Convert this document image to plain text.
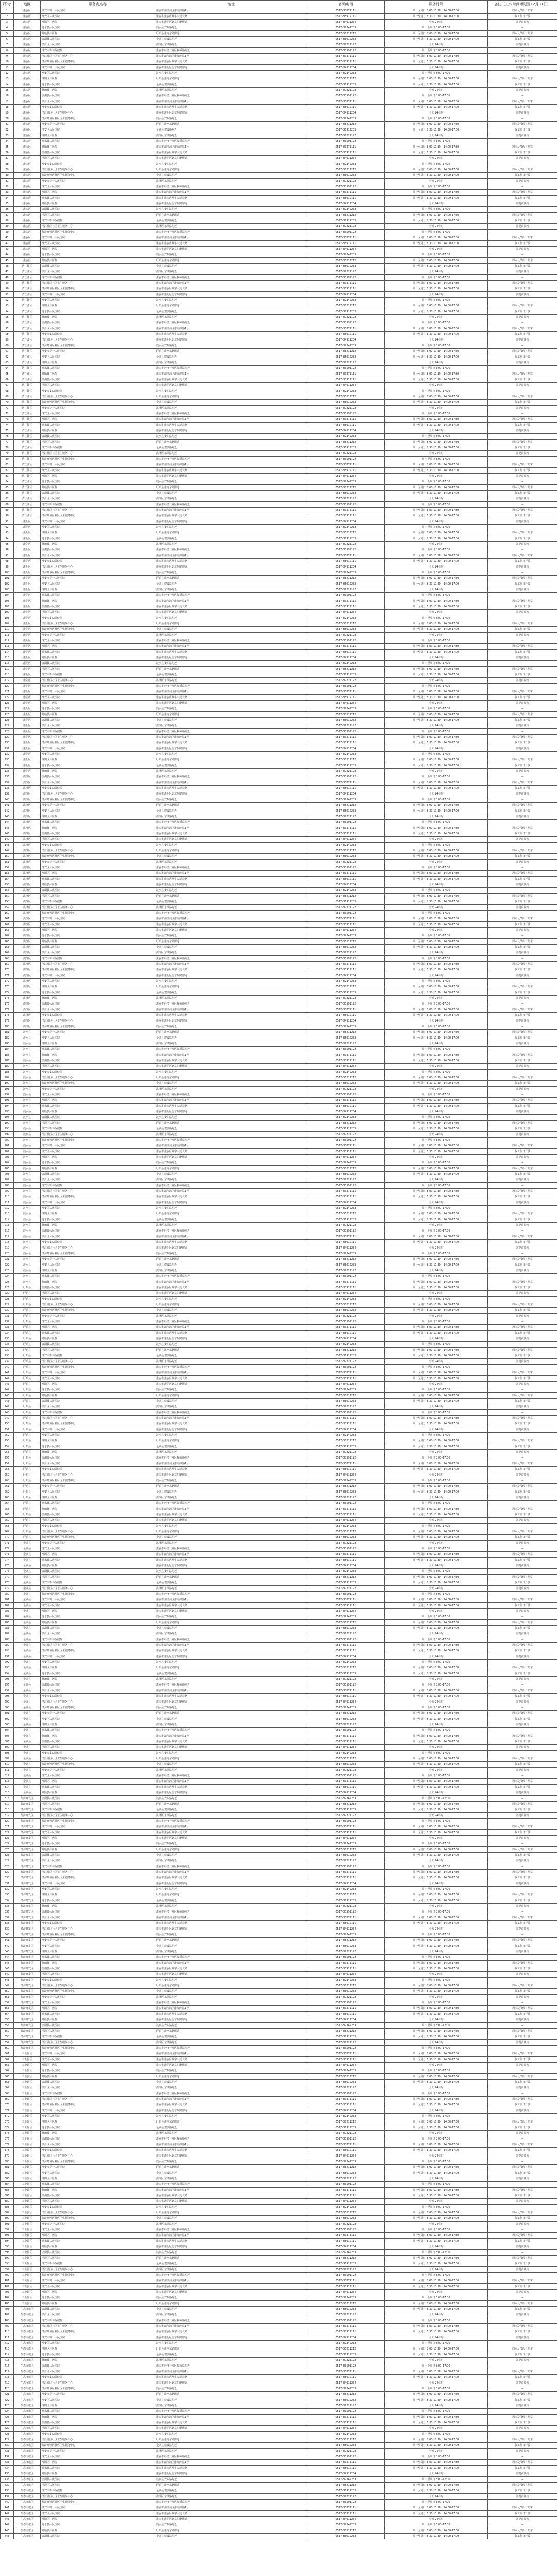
序号	地区	服务点名称	地址	咨询电话	服务时间	备注（工作时间顺延至12月31日）
1	淮安区	淮安市第一人民医院	淮安市清江浦区淮海西路1号	0517-83871111	周一至周日 8:00-11:30，14:00-17:30	周末及节假日照常
2	淮安区	淮安区人民医院	淮安市淮安区翔宇大道北路	0517-85912111	周一至周五 8:30-11:30，14:00-17:00	仅工作日开放
3	淮安区	淮阴区中医院	淮安市淮阴区北京东路附近	0517-84911234	全天 24小时	需提前预约
4	淮安区	涟水县人民医院	涟水县安东路附近	0517-82342233	周一至周日 8:00-17:00	—
5	淮安区	盱眙县中医院	盱眙县淮河东路附近	0517-88211212	周一至周日 8:00-11:30，14:00-17:30	周末及节假日照常
6	淮安区	金湖县人民医院	金湖县建设路附近	0517-86912233	周一至周五 8:30-11:30，14:00-17:00	仅工作日开放
7	淮安区	洪泽区人民医院	洪泽区东风路附近	0517-87221122	全天 24小时	需提前预约
8	淮安区	淮安市妇幼保健院	淮安市经济开发区枚乘路附近	0517-83591122	周一至周日 8:00-17:00	—
9	淮安区	清江浦区社区卫生服务中心	淮安市清江浦区淮海西路1号	0517-83871111	周一至周日 8:00-11:30，14:00-17:30	周末及节假日照常
10	淮安区	经济开发区社区卫生服务中心	淮安市淮安区翔宇大道北路	0517-85912111	周一至周五 8:30-11:30，14:00-17:00	仅工作日开放
11	淮安区	淮安市第一人民医院	淮安市淮阴区北京东路附近	0517-84911234	全天 24小时	需提前预约
12	淮安区	淮安区人民医院	涟水县安东路附近	0517-82342233	周一至周日 8:00-17:00	—
13	淮安区	淮阴区中医院	盱眙县淮河东路附近	0517-88211212	周一至周日 8:00-11:30，14:00-17:30	周末及节假日照常
14	淮安区	涟水县人民医院	金湖县建设路附近	0517-86912233	周一至周五 8:30-11:30，14:00-17:00	仅工作日开放
15	淮安区	盱眙县中医院	洪泽区东风路附近	0517-87221122	全天 24小时	需提前预约
16	淮安区	金湖县人民医院	淮安市经济开发区枚乘路附近	0517-83591122	周一至周日 8:00-17:00	—
17	淮安区	洪泽区人民医院	淮安市清江浦区淮海西路1号	0517-83871111	周一至周日 8:00-11:30，14:00-17:30	周末及节假日照常
18	淮安区	淮安市妇幼保健院	淮安市淮安区翔宇大道北路	0517-85912111	周一至周五 8:30-11:30，14:00-17:00	仅工作日开放
19	淮安区	清江浦区社区卫生服务中心	淮安市淮阴区北京东路附近	0517-84911234	全天 24小时	需提前预约
20	淮安区	经济开发区社区卫生服务中心	涟水县安东路附近	0517-82342233	周一至周日 8:00-17:00	—
21	淮安区	淮安市第一人民医院	盱眙县淮河东路附近	0517-88211212	周一至周日 8:00-11:30，14:00-17:30	周末及节假日照常
22	淮安区	淮安区人民医院	金湖县建设路附近	0517-86912233	周一至周五 8:30-11:30，14:00-17:00	仅工作日开放
23	淮安区	淮阴区中医院	洪泽区东风路附近	0517-87221122	全天 24小时	需提前预约
24	淮安区	涟水县人民医院	淮安市经济开发区枚乘路附近	0517-83591122	周一至周日 8:00-17:00	—
25	淮安区	盱眙县中医院	淮安市清江浦区淮海西路1号	0517-83871111	周一至周日 8:00-11:30，14:00-17:30	周末及节假日照常
26	淮安区	金湖县人民医院	淮安市淮安区翔宇大道北路	0517-85912111	周一至周五 8:30-11:30，14:00-17:00	仅工作日开放
27	淮安区	洪泽区人民医院	淮安市淮阴区北京东路附近	0517-84911234	全天 24小时	需提前预约
28	淮安区	淮安市妇幼保健院	涟水县安东路附近	0517-82342233	周一至周日 8:00-17:00	—
29	淮安区	清江浦区社区卫生服务中心	盱眙县淮河东路附近	0517-88211212	周一至周日 8:00-11:30，14:00-17:30	周末及节假日照常
30	淮安区	经济开发区社区卫生服务中心	金湖县建设路附近	0517-86912233	周一至周五 8:30-11:30，14:00-17:00	仅工作日开放
31	淮安区	淮安市第一人民医院	洪泽区东风路附近	0517-87221122	全天 24小时	需提前预约
32	淮安区	淮安区人民医院	淮安市经济开发区枚乘路附近	0517-83591122	周一至周日 8:00-17:00	—
33	淮安区	淮阴区中医院	淮安市清江浦区淮海西路1号	0517-83871111	周一至周日 8:00-11:30，14:00-17:30	周末及节假日照常
34	淮安区	涟水县人民医院	淮安市淮安区翔宇大道北路	0517-85912111	周一至周五 8:30-11:30，14:00-17:00	仅工作日开放
35	淮安区	盱眙县中医院	淮安市淮阴区北京东路附近	0517-84911234	全天 24小时	需提前预约
36	淮安区	金湖县人民医院	涟水县安东路附近	0517-82342233	周一至周日 8:00-17:00	—
37	淮安区	洪泽区人民医院	盱眙县淮河东路附近	0517-88211212	周一至周日 8:00-11:30，14:00-17:30	周末及节假日照常
38	淮安区	淮安市妇幼保健院	金湖县建设路附近	0517-86912233	周一至周五 8:30-11:30，14:00-17:00	仅工作日开放
39	淮安区	清江浦区社区卫生服务中心	洪泽区东风路附近	0517-87221122	全天 24小时	需提前预约
40	淮安区	经济开发区社区卫生服务中心	淮安市经济开发区枚乘路附近	0517-83591122	周一至周日 8:00-17:00	—
41	淮安区	淮安市第一人民医院	淮安市清江浦区淮海西路1号	0517-83871111	周一至周日 8:00-11:30，14:00-17:30	周末及节假日照常
42	淮安区	淮安区人民医院	淮安市淮安区翔宇大道北路	0517-85912111	周一至周五 8:30-11:30，14:00-17:00	仅工作日开放
43	淮安区	淮阴区中医院	淮安市淮阴区北京东路附近	0517-84911234	全天 24小时	需提前预约
44	淮安区	涟水县人民医院	涟水县安东路附近	0517-82342233	周一至周日 8:00-17:00	—
45	淮安区	盱眙县中医院	盱眙县淮河东路附近	0517-88211212	周一至周日 8:00-11:30，14:00-17:30	周末及节假日照常
46	清江浦区	金湖县人民医院	金湖县建设路附近	0517-86912233	周一至周五 8:30-11:30，14:00-17:00	仅工作日开放
47	清江浦区	洪泽区人民医院	洪泽区东风路附近	0517-87221122	全天 24小时	需提前预约
48	清江浦区	淮安市妇幼保健院	淮安市经济开发区枚乘路附近	0517-83591122	周一至周日 8:00-17:00	—
49	清江浦区	清江浦区社区卫生服务中心	淮安市清江浦区淮海西路1号	0517-83871111	周一至周日 8:00-11:30，14:00-17:30	周末及节假日照常
50	清江浦区	经济开发区社区卫生服务中心	淮安市淮安区翔宇大道北路	0517-85912111	周一至周五 8:30-11:30，14:00-17:00	仅工作日开放
51	清江浦区	淮安市第一人民医院	淮安市淮阴区北京东路附近	0517-84911234	全天 24小时	需提前预约
52	清江浦区	淮安区人民医院	涟水县安东路附近	0517-82342233	周一至周日 8:00-17:00	—
53	清江浦区	淮阴区中医院	盱眙县淮河东路附近	0517-88211212	周一至周日 8:00-11:30，14:00-17:30	周末及节假日照常
54	清江浦区	涟水县人民医院	金湖县建设路附近	0517-86912233	周一至周五 8:30-11:30，14:00-17:00	仅工作日开放
55	清江浦区	盱眙县中医院	洪泽区东风路附近	0517-87221122	全天 24小时	需提前预约
56	清江浦区	金湖县人民医院	淮安市经济开发区枚乘路附近	0517-83591122	周一至周日 8:00-17:00	—
57	清江浦区	洪泽区人民医院	淮安市清江浦区淮海西路1号	0517-83871111	周一至周日 8:00-11:30，14:00-17:30	周末及节假日照常
58	清江浦区	淮安市妇幼保健院	淮安市淮安区翔宇大道北路	0517-85912111	周一至周五 8:30-11:30，14:00-17:00	仅工作日开放
59	清江浦区	清江浦区社区卫生服务中心	淮安市淮阴区北京东路附近	0517-84911234	全天 24小时	需提前预约
60	清江浦区	经济开发区社区卫生服务中心	涟水县安东路附近	0517-82342233	周一至周日 8:00-17:00	—
61	清江浦区	淮安市第一人民医院	盱眙县淮河东路附近	0517-88211212	周一至周日 8:00-11:30，14:00-17:30	周末及节假日照常
62	清江浦区	淮安区人民医院	金湖县建设路附近	0517-86912233	周一至周五 8:30-11:30，14:00-17:00	仅工作日开放
63	清江浦区	淮阴区中医院	洪泽区东风路附近	0517-87221122	全天 24小时	需提前预约
64	清江浦区	涟水县人民医院	淮安市经济开发区枚乘路附近	0517-83591122	周一至周日 8:00-17:00	—
65	清江浦区	盱眙县中医院	淮安市清江浦区淮海西路1号	0517-83871111	周一至周日 8:00-11:30，14:00-17:30	周末及节假日照常
66	清江浦区	金湖县人民医院	淮安市淮安区翔宇大道北路	0517-85912111	周一至周五 8:30-11:30，14:00-17:00	仅工作日开放
67	清江浦区	洪泽区人民医院	淮安市淮阴区北京东路附近	0517-84911234	全天 24小时	需提前预约
68	清江浦区	淮安市妇幼保健院	涟水县安东路附近	0517-82342233	周一至周日 8:00-17:00	—
69	清江浦区	清江浦区社区卫生服务中心	盱眙县淮河东路附近	0517-88211212	周一至周日 8:00-11:30，14:00-17:30	周末及节假日照常
70	清江浦区	经济开发区社区卫生服务中心	金湖县建设路附近	0517-86912233	周一至周五 8:30-11:30，14:00-17:00	仅工作日开放
71	清江浦区	淮安市第一人民医院	洪泽区东风路附近	0517-87221122	全天 24小时	需提前预约
72	清江浦区	淮安区人民医院	淮安市经济开发区枚乘路附近	0517-83591122	周一至周日 8:00-17:00	—
73	清江浦区	淮阴区中医院	淮安市清江浦区淮海西路1号	0517-83871111	周一至周日 8:00-11:30，14:00-17:30	周末及节假日照常
74	清江浦区	涟水县人民医院	淮安市淮安区翔宇大道北路	0517-85912111	周一至周五 8:30-11:30，14:00-17:00	仅工作日开放
75	清江浦区	盱眙县中医院	淮安市淮阴区北京东路附近	0517-84911234	全天 24小时	需提前预约
76	清江浦区	金湖县人民医院	涟水县安东路附近	0517-82342233	周一至周日 8:00-17:00	—
77	清江浦区	洪泽区人民医院	盱眙县淮河东路附近	0517-88211212	周一至周日 8:00-11:30，14:00-17:30	周末及节假日照常
78	清江浦区	淮安市妇幼保健院	金湖县建设路附近	0517-86912233	周一至周五 8:30-11:30，14:00-17:00	仅工作日开放
79	清江浦区	清江浦区社区卫生服务中心	洪泽区东风路附近	0517-87221122	全天 24小时	需提前预约
80	清江浦区	经济开发区社区卫生服务中心	淮安市经济开发区枚乘路附近	0517-83591122	周一至周日 8:00-17:00	—
81	清江浦区	淮安市第一人民医院	淮安市清江浦区淮海西路1号	0517-83871111	周一至周日 8:00-11:30，14:00-17:30	周末及节假日照常
82	清江浦区	淮安区人民医院	淮安市淮安区翔宇大道北路	0517-85912111	周一至周五 8:30-11:30，14:00-17:00	仅工作日开放
83	清江浦区	淮阴区中医院	淮安市淮阴区北京东路附近	0517-84911234	全天 24小时	需提前预约
84	清江浦区	涟水县人民医院	涟水县安东路附近	0517-82342233	周一至周日 8:00-17:00	—
85	清江浦区	盱眙县中医院	盱眙县淮河东路附近	0517-88211212	周一至周日 8:00-11:30，14:00-17:30	周末及节假日照常
86	清江浦区	金湖县人民医院	金湖县建设路附近	0517-86912233	周一至周五 8:30-11:30，14:00-17:00	仅工作日开放
87	清江浦区	洪泽区人民医院	洪泽区东风路附近	0517-87221122	全天 24小时	需提前预约
88	清江浦区	淮安市妇幼保健院	淮安市经济开发区枚乘路附近	0517-83591122	周一至周日 8:00-17:00	—
89	清江浦区	清江浦区社区卫生服务中心	淮安市清江浦区淮海西路1号	0517-83871111	周一至周日 8:00-11:30，14:00-17:30	周末及节假日照常
90	清江浦区	经济开发区社区卫生服务中心	淮安市淮安区翔宇大道北路	0517-85912111	周一至周五 8:30-11:30，14:00-17:00	仅工作日开放
91	淮阴区	淮安市第一人民医院	淮安市淮阴区北京东路附近	0517-84911234	全天 24小时	需提前预约
92	淮阴区	淮安区人民医院	涟水县安东路附近	0517-82342233	周一至周日 8:00-17:00	—
93	淮阴区	淮阴区中医院	盱眙县淮河东路附近	0517-88211212	周一至周日 8:00-11:30，14:00-17:30	周末及节假日照常
94	淮阴区	涟水县人民医院	金湖县建设路附近	0517-86912233	周一至周五 8:30-11:30，14:00-17:00	仅工作日开放
95	淮阴区	盱眙县中医院	洪泽区东风路附近	0517-87221122	全天 24小时	需提前预约
96	淮阴区	金湖县人民医院	淮安市经济开发区枚乘路附近	0517-83591122	周一至周日 8:00-17:00	—
97	淮阴区	洪泽区人民医院	淮安市清江浦区淮海西路1号	0517-83871111	周一至周日 8:00-11:30，14:00-17:30	周末及节假日照常
98	淮阴区	淮安市妇幼保健院	淮安市淮安区翔宇大道北路	0517-85912111	周一至周五 8:30-11:30，14:00-17:00	仅工作日开放
99	淮阴区	清江浦区社区卫生服务中心	淮安市淮阴区北京东路附近	0517-84911234	全天 24小时	需提前预约
100	淮阴区	经济开发区社区卫生服务中心	涟水县安东路附近	0517-82342233	周一至周日 8:00-17:00	—
101	淮阴区	淮安市第一人民医院	盱眙县淮河东路附近	0517-88211212	周一至周日 8:00-11:30，14:00-17:30	周末及节假日照常
102	淮阴区	淮安区人民医院	金湖县建设路附近	0517-86912233	周一至周五 8:30-11:30，14:00-17:00	仅工作日开放
103	淮阴区	淮阴区中医院	洪泽区东风路附近	0517-87221122	全天 24小时	需提前预约
104	淮阴区	涟水县人民医院	淮安市经济开发区枚乘路附近	0517-83591122	周一至周日 8:00-17:00	—
105	淮阴区	盱眙县中医院	淮安市清江浦区淮海西路1号	0517-83871111	周一至周日 8:00-11:30，14:00-17:30	周末及节假日照常
106	淮阴区	金湖县人民医院	淮安市淮安区翔宇大道北路	0517-85912111	周一至周五 8:30-11:30，14:00-17:00	仅工作日开放
107	淮阴区	洪泽区人民医院	淮安市淮阴区北京东路附近	0517-84911234	全天 24小时	需提前预约
108	淮阴区	淮安市妇幼保健院	涟水县安东路附近	0517-82342233	周一至周日 8:00-17:00	—
109	淮阴区	清江浦区社区卫生服务中心	盱眙县淮河东路附近	0517-88211212	周一至周日 8:00-11:30，14:00-17:30	周末及节假日照常
110	淮阴区	经济开发区社区卫生服务中心	金湖县建设路附近	0517-86912233	周一至周五 8:30-11:30，14:00-17:00	仅工作日开放
111	淮阴区	淮安市第一人民医院	洪泽区东风路附近	0517-87221122	全天 24小时	需提前预约
112	淮阴区	淮安区人民医院	淮安市经济开发区枚乘路附近	0517-83591122	周一至周日 8:00-17:00	—
113	淮阴区	淮阴区中医院	淮安市清江浦区淮海西路1号	0517-83871111	周一至周日 8:00-11:30，14:00-17:30	周末及节假日照常
114	淮阴区	涟水县人民医院	淮安市淮安区翔宇大道北路	0517-85912111	周一至周五 8:30-11:30，14:00-17:00	仅工作日开放
115	淮阴区	盱眙县中医院	淮安市淮阴区北京东路附近	0517-84911234	全天 24小时	需提前预约
116	淮阴区	金湖县人民医院	涟水县安东路附近	0517-82342233	周一至周日 8:00-17:00	—
117	淮阴区	洪泽区人民医院	盱眙县淮河东路附近	0517-88211212	周一至周日 8:00-11:30，14:00-17:30	周末及节假日照常
118	淮阴区	淮安市妇幼保健院	金湖县建设路附近	0517-86912233	周一至周五 8:30-11:30，14:00-17:00	仅工作日开放
119	淮阴区	清江浦区社区卫生服务中心	洪泽区东风路附近	0517-87221122	全天 24小时	需提前预约
120	淮阴区	经济开发区社区卫生服务中心	淮安市经济开发区枚乘路附近	0517-83591122	周一至周日 8:00-17:00	—
121	淮阴区	淮安市第一人民医院	淮安市清江浦区淮海西路1号	0517-83871111	周一至周日 8:00-11:30，14:00-17:30	周末及节假日照常
122	淮阴区	淮安区人民医院	淮安市淮安区翔宇大道北路	0517-85912111	周一至周五 8:30-11:30，14:00-17:00	仅工作日开放
123	淮阴区	淮阴区中医院	淮安市淮阴区北京东路附近	0517-84911234	全天 24小时	需提前预约
124	淮阴区	涟水县人民医院	涟水县安东路附近	0517-82342233	周一至周日 8:00-17:00	—
125	淮阴区	盱眙县中医院	盱眙县淮河东路附近	0517-88211212	周一至周日 8:00-11:30，14:00-17:30	周末及节假日照常
126	淮阴区	金湖县人民医院	金湖县建设路附近	0517-86912233	周一至周五 8:30-11:30，14:00-17:00	仅工作日开放
127	淮阴区	洪泽区人民医院	洪泽区东风路附近	0517-87221122	全天 24小时	需提前预约
128	淮阴区	淮安市妇幼保健院	淮安市经济开发区枚乘路附近	0517-83591122	周一至周日 8:00-17:00	—
129	淮阴区	清江浦区社区卫生服务中心	淮安市清江浦区淮海西路1号	0517-83871111	周一至周日 8:00-11:30，14:00-17:30	周末及节假日照常
130	淮阴区	经济开发区社区卫生服务中心	淮安市淮安区翔宇大道北路	0517-85912111	周一至周五 8:30-11:30，14:00-17:00	仅工作日开放
131	淮阴区	淮安市第一人民医院	淮安市淮阴区北京东路附近	0517-84911234	全天 24小时	需提前预约
132	淮阴区	淮安区人民医院	涟水县安东路附近	0517-82342233	周一至周日 8:00-17:00	—
133	淮阴区	淮阴区中医院	盱眙县淮河东路附近	0517-88211212	周一至周日 8:00-11:30，14:00-17:30	周末及节假日照常
134	淮阴区	涟水县人民医院	金湖县建设路附近	0517-86912233	周一至周五 8:30-11:30，14:00-17:00	仅工作日开放
135	淮阴区	盱眙县中医院	洪泽区东风路附近	0517-87221122	全天 24小时	需提前预约
136	洪泽区	金湖县人民医院	淮安市经济开发区枚乘路附近	0517-83591122	周一至周日 8:00-17:00	—
137	洪泽区	洪泽区人民医院	淮安市清江浦区淮海西路1号	0517-83871111	周一至周日 8:00-11:30，14:00-17:30	周末及节假日照常
138	洪泽区	淮安市妇幼保健院	淮安市淮安区翔宇大道北路	0517-85912111	周一至周五 8:30-11:30，14:00-17:00	仅工作日开放
139	洪泽区	清江浦区社区卫生服务中心	淮安市淮阴区北京东路附近	0517-84911234	全天 24小时	需提前预约
140	洪泽区	经济开发区社区卫生服务中心	涟水县安东路附近	0517-82342233	周一至周日 8:00-17:00	—
141	洪泽区	淮安市第一人民医院	盱眙县淮河东路附近	0517-88211212	周一至周日 8:00-11:30，14:00-17:30	周末及节假日照常
142	洪泽区	淮安区人民医院	金湖县建设路附近	0517-86912233	周一至周五 8:30-11:30，14:00-17:00	仅工作日开放
143	洪泽区	淮阴区中医院	洪泽区东风路附近	0517-87221122	全天 24小时	需提前预约
144	洪泽区	涟水县人民医院	淮安市经济开发区枚乘路附近	0517-83591122	周一至周日 8:00-17:00	—
145	洪泽区	盱眙县中医院	淮安市清江浦区淮海西路1号	0517-83871111	周一至周日 8:00-11:30，14:00-17:30	周末及节假日照常
146	洪泽区	金湖县人民医院	淮安市淮安区翔宇大道北路	0517-85912111	周一至周五 8:30-11:30，14:00-17:00	仅工作日开放
147	洪泽区	洪泽区人民医院	淮安市淮阴区北京东路附近	0517-84911234	全天 24小时	需提前预约
148	洪泽区	淮安市妇幼保健院	涟水县安东路附近	0517-82342233	周一至周日 8:00-17:00	—
149	洪泽区	清江浦区社区卫生服务中心	盱眙县淮河东路附近	0517-88211212	周一至周日 8:00-11:30，14:00-17:30	周末及节假日照常
150	洪泽区	经济开发区社区卫生服务中心	金湖县建设路附近	0517-86912233	周一至周五 8:30-11:30，14:00-17:00	仅工作日开放
151	洪泽区	淮安市第一人民医院	洪泽区东风路附近	0517-87221122	全天 24小时	需提前预约
152	洪泽区	淮安区人民医院	淮安市经济开发区枚乘路附近	0517-83591122	周一至周日 8:00-17:00	—
153	洪泽区	淮阴区中医院	淮安市清江浦区淮海西路1号	0517-83871111	周一至周日 8:00-11:30，14:00-17:30	周末及节假日照常
154	洪泽区	涟水县人民医院	淮安市淮安区翔宇大道北路	0517-85912111	周一至周五 8:30-11:30，14:00-17:00	仅工作日开放
155	洪泽区	盱眙县中医院	淮安市淮阴区北京东路附近	0517-84911234	全天 24小时	需提前预约
156	洪泽区	金湖县人民医院	涟水县安东路附近	0517-82342233	周一至周日 8:00-17:00	—
157	洪泽区	洪泽区人民医院	盱眙县淮河东路附近	0517-88211212	周一至周日 8:00-11:30，14:00-17:30	周末及节假日照常
158	洪泽区	淮安市妇幼保健院	金湖县建设路附近	0517-86912233	周一至周五 8:30-11:30，14:00-17:00	仅工作日开放
159	洪泽区	清江浦区社区卫生服务中心	洪泽区东风路附近	0517-87221122	全天 24小时	需提前预约
160	洪泽区	经济开发区社区卫生服务中心	淮安市经济开发区枚乘路附近	0517-83591122	周一至周日 8:00-17:00	—
161	洪泽区	淮安市第一人民医院	淮安市清江浦区淮海西路1号	0517-83871111	周一至周日 8:00-11:30，14:00-17:30	周末及节假日照常
162	洪泽区	淮安区人民医院	淮安市淮安区翔宇大道北路	0517-85912111	周一至周五 8:30-11:30，14:00-17:00	仅工作日开放
163	洪泽区	淮阴区中医院	淮安市淮阴区北京东路附近	0517-84911234	全天 24小时	需提前预约
164	洪泽区	涟水县人民医院	涟水县安东路附近	0517-82342233	周一至周日 8:00-17:00	—
165	洪泽区	盱眙县中医院	盱眙县淮河东路附近	0517-88211212	周一至周日 8:00-11:30，14:00-17:30	周末及节假日照常
166	洪泽区	金湖县人民医院	金湖县建设路附近	0517-86912233	周一至周五 8:30-11:30，14:00-17:00	仅工作日开放
167	洪泽区	洪泽区人民医院	洪泽区东风路附近	0517-87221122	全天 24小时	需提前预约
168	洪泽区	淮安市妇幼保健院	淮安市经济开发区枚乘路附近	0517-83591122	周一至周日 8:00-17:00	—
169	洪泽区	清江浦区社区卫生服务中心	淮安市清江浦区淮海西路1号	0517-83871111	周一至周日 8:00-11:30，14:00-17:30	周末及节假日照常
170	洪泽区	经济开发区社区卫生服务中心	淮安市淮安区翔宇大道北路	0517-85912111	周一至周五 8:30-11:30，14:00-17:00	仅工作日开放
171	洪泽区	淮安市第一人民医院	淮安市淮阴区北京东路附近	0517-84911234	全天 24小时	需提前预约
172	洪泽区	淮安区人民医院	涟水县安东路附近	0517-82342233	周一至周日 8:00-17:00	—
173	洪泽区	淮阴区中医院	盱眙县淮河东路附近	0517-88211212	周一至周日 8:00-11:30，14:00-17:30	周末及节假日照常
174	洪泽区	涟水县人民医院	金湖县建设路附近	0517-86912233	周一至周五 8:30-11:30，14:00-17:00	仅工作日开放
175	洪泽区	盱眙县中医院	洪泽区东风路附近	0517-87221122	全天 24小时	需提前预约
176	洪泽区	金湖县人民医院	淮安市经济开发区枚乘路附近	0517-83591122	周一至周日 8:00-17:00	—
177	洪泽区	洪泽区人民医院	淮安市清江浦区淮海西路1号	0517-83871111	周一至周日 8:00-11:30，14:00-17:30	周末及节假日照常
178	洪泽区	淮安市妇幼保健院	淮安市淮安区翔宇大道北路	0517-85912111	周一至周五 8:30-11:30，14:00-17:00	仅工作日开放
179	洪泽区	清江浦区社区卫生服务中心	淮安市淮阴区北京东路附近	0517-84911234	全天 24小时	需提前预约
180	洪泽区	经济开发区社区卫生服务中心	涟水县安东路附近	0517-82342233	周一至周日 8:00-17:00	—
181	涟水县	淮安市第一人民医院	盱眙县淮河东路附近	0517-88211212	周一至周日 8:00-11:30，14:00-17:30	周末及节假日照常
182	涟水县	淮安区人民医院	金湖县建设路附近	0517-86912233	周一至周五 8:30-11:30，14:00-17:00	仅工作日开放
183	涟水县	淮阴区中医院	洪泽区东风路附近	0517-87221122	全天 24小时	需提前预约
184	涟水县	涟水县人民医院	淮安市经济开发区枚乘路附近	0517-83591122	周一至周日 8:00-17:00	—
185	涟水县	盱眙县中医院	淮安市清江浦区淮海西路1号	0517-83871111	周一至周日 8:00-11:30，14:00-17:30	周末及节假日照常
186	涟水县	金湖县人民医院	淮安市淮安区翔宇大道北路	0517-85912111	周一至周五 8:30-11:30，14:00-17:00	仅工作日开放
187	涟水县	洪泽区人民医院	淮安市淮阴区北京东路附近	0517-84911234	全天 24小时	需提前预约
188	涟水县	淮安市妇幼保健院	涟水县安东路附近	0517-82342233	周一至周日 8:00-17:00	—
189	涟水县	清江浦区社区卫生服务中心	盱眙县淮河东路附近	0517-88211212	周一至周日 8:00-11:30，14:00-17:30	周末及节假日照常
190	涟水县	经济开发区社区卫生服务中心	金湖县建设路附近	0517-86912233	周一至周五 8:30-11:30，14:00-17:00	仅工作日开放
191	涟水县	淮安市第一人民医院	洪泽区东风路附近	0517-87221122	全天 24小时	需提前预约
192	涟水县	淮安区人民医院	淮安市经济开发区枚乘路附近	0517-83591122	周一至周日 8:00-17:00	—
193	涟水县	淮阴区中医院	淮安市清江浦区淮海西路1号	0517-83871111	周一至周日 8:00-11:30，14:00-17:30	周末及节假日照常
194	涟水县	涟水县人民医院	淮安市淮安区翔宇大道北路	0517-85912111	周一至周五 8:30-11:30，14:00-17:00	仅工作日开放
195	涟水县	盱眙县中医院	淮安市淮阴区北京东路附近	0517-84911234	全天 24小时	需提前预约
196	涟水县	金湖县人民医院	涟水县安东路附近	0517-82342233	周一至周日 8:00-17:00	—
197	涟水县	洪泽区人民医院	盱眙县淮河东路附近	0517-88211212	周一至周日 8:00-11:30，14:00-17:30	周末及节假日照常
198	涟水县	淮安市妇幼保健院	金湖县建设路附近	0517-86912233	周一至周五 8:30-11:30，14:00-17:00	仅工作日开放
199	涟水县	清江浦区社区卫生服务中心	洪泽区东风路附近	0517-87221122	全天 24小时	需提前预约
200	涟水县	经济开发区社区卫生服务中心	淮安市经济开发区枚乘路附近	0517-83591122	周一至周日 8:00-17:00	—
201	涟水县	淮安市第一人民医院	淮安市清江浦区淮海西路1号	0517-83871111	周一至周日 8:00-11:30，14:00-17:30	周末及节假日照常
202	涟水县	淮安区人民医院	淮安市淮安区翔宇大道北路	0517-85912111	周一至周五 8:30-11:30，14:00-17:00	仅工作日开放
203	涟水县	淮阴区中医院	淮安市淮阴区北京东路附近	0517-84911234	全天 24小时	需提前预约
204	涟水县	涟水县人民医院	涟水县安东路附近	0517-82342233	周一至周日 8:00-17:00	—
205	涟水县	盱眙县中医院	盱眙县淮河东路附近	0517-88211212	周一至周日 8:00-11:30，14:00-17:30	周末及节假日照常
206	涟水县	金湖县人民医院	金湖县建设路附近	0517-86912233	周一至周五 8:30-11:30，14:00-17:00	仅工作日开放
207	涟水县	洪泽区人民医院	洪泽区东风路附近	0517-87221122	全天 24小时	需提前预约
208	涟水县	淮安市妇幼保健院	淮安市经济开发区枚乘路附近	0517-83591122	周一至周日 8:00-17:00	—
209	涟水县	清江浦区社区卫生服务中心	淮安市清江浦区淮海西路1号	0517-83871111	周一至周日 8:00-11:30，14:00-17:30	周末及节假日照常
210	涟水县	经济开发区社区卫生服务中心	淮安市淮安区翔宇大道北路	0517-85912111	周一至周五 8:30-11:30，14:00-17:00	仅工作日开放
211	涟水县	淮安市第一人民医院	淮安市淮阴区北京东路附近	0517-84911234	全天 24小时	需提前预约
212	涟水县	淮安区人民医院	涟水县安东路附近	0517-82342233	周一至周日 8:00-17:00	—
213	涟水县	淮阴区中医院	盱眙县淮河东路附近	0517-88211212	周一至周日 8:00-11:30，14:00-17:30	周末及节假日照常
214	涟水县	涟水县人民医院	金湖县建设路附近	0517-86912233	周一至周五 8:30-11:30，14:00-17:00	仅工作日开放
215	涟水县	盱眙县中医院	洪泽区东风路附近	0517-87221122	全天 24小时	需提前预约
216	涟水县	金湖县人民医院	淮安市经济开发区枚乘路附近	0517-83591122	周一至周日 8:00-17:00	—
217	涟水县	洪泽区人民医院	淮安市清江浦区淮海西路1号	0517-83871111	周一至周日 8:00-11:30，14:00-17:30	周末及节假日照常
218	涟水县	淮安市妇幼保健院	淮安市淮安区翔宇大道北路	0517-85912111	周一至周五 8:30-11:30，14:00-17:00	仅工作日开放
219	涟水县	清江浦区社区卫生服务中心	淮安市淮阴区北京东路附近	0517-84911234	全天 24小时	需提前预约
220	涟水县	经济开发区社区卫生服务中心	涟水县安东路附近	0517-82342233	周一至周日 8:00-17:00	—
221	涟水县	淮安市第一人民医院	盱眙县淮河东路附近	0517-88211212	周一至周日 8:00-11:30，14:00-17:30	周末及节假日照常
222	涟水县	淮安区人民医院	金湖县建设路附近	0517-86912233	周一至周五 8:30-11:30，14:00-17:00	仅工作日开放
223	涟水县	淮阴区中医院	洪泽区东风路附近	0517-87221122	全天 24小时	需提前预约
224	涟水县	涟水县人民医院	淮安市经济开发区枚乘路附近	0517-83591122	周一至周日 8:00-17:00	—
225	涟水县	盱眙县中医院	淮安市清江浦区淮海西路1号	0517-83871111	周一至周日 8:00-11:30，14:00-17:30	周末及节假日照常
226	盱眙县	金湖县人民医院	淮安市淮安区翔宇大道北路	0517-85912111	周一至周五 8:30-11:30，14:00-17:00	仅工作日开放
227	盱眙县	洪泽区人民医院	淮安市淮阴区北京东路附近	0517-84911234	全天 24小时	需提前预约
228	盱眙县	淮安市妇幼保健院	涟水县安东路附近	0517-82342233	周一至周日 8:00-17:00	—
229	盱眙县	清江浦区社区卫生服务中心	盱眙县淮河东路附近	0517-88211212	周一至周日 8:00-11:30，14:00-17:30	周末及节假日照常
230	盱眙县	经济开发区社区卫生服务中心	金湖县建设路附近	0517-86912233	周一至周五 8:30-11:30，14:00-17:00	仅工作日开放
231	盱眙县	淮安市第一人民医院	洪泽区东风路附近	0517-87221122	全天 24小时	需提前预约
232	盱眙县	淮安区人民医院	淮安市经济开发区枚乘路附近	0517-83591122	周一至周日 8:00-17:00	—
233	盱眙县	淮阴区中医院	淮安市清江浦区淮海西路1号	0517-83871111	周一至周日 8:00-11:30，14:00-17:30	周末及节假日照常
234	盱眙县	涟水县人民医院	淮安市淮安区翔宇大道北路	0517-85912111	周一至周五 8:30-11:30，14:00-17:00	仅工作日开放
235	盱眙县	盱眙县中医院	淮安市淮阴区北京东路附近	0517-84911234	全天 24小时	需提前预约
236	盱眙县	金湖县人民医院	涟水县安东路附近	0517-82342233	周一至周日 8:00-17:00	—
237	盱眙县	洪泽区人民医院	盱眙县淮河东路附近	0517-88211212	周一至周日 8:00-11:30，14:00-17:30	周末及节假日照常
238	盱眙县	淮安市妇幼保健院	金湖县建设路附近	0517-86912233	周一至周五 8:30-11:30，14:00-17:00	仅工作日开放
239	盱眙县	清江浦区社区卫生服务中心	洪泽区东风路附近	0517-87221122	全天 24小时	需提前预约
240	盱眙县	经济开发区社区卫生服务中心	淮安市经济开发区枚乘路附近	0517-83591122	周一至周日 8:00-17:00	—
241	盱眙县	淮安市第一人民医院	淮安市清江浦区淮海西路1号	0517-83871111	周一至周日 8:00-11:30，14:00-17:30	周末及节假日照常
242	盱眙县	淮安区人民医院	淮安市淮安区翔宇大道北路	0517-85912111	周一至周五 8:30-11:30，14:00-17:00	仅工作日开放
243	盱眙县	淮阴区中医院	淮安市淮阴区北京东路附近	0517-84911234	全天 24小时	需提前预约
244	盱眙县	涟水县人民医院	涟水县安东路附近	0517-82342233	周一至周日 8:00-17:00	—
245	盱眙县	盱眙县中医院	盱眙县淮河东路附近	0517-88211212	周一至周日 8:00-11:30，14:00-17:30	周末及节假日照常
246	盱眙县	金湖县人民医院	金湖县建设路附近	0517-86912233	周一至周五 8:30-11:30，14:00-17:00	仅工作日开放
247	盱眙县	洪泽区人民医院	洪泽区东风路附近	0517-87221122	全天 24小时	需提前预约
248	盱眙县	淮安市妇幼保健院	淮安市经济开发区枚乘路附近	0517-83591122	周一至周日 8:00-17:00	—
249	盱眙县	清江浦区社区卫生服务中心	淮安市清江浦区淮海西路1号	0517-83871111	周一至周日 8:00-11:30，14:00-17:30	周末及节假日照常
250	盱眙县	经济开发区社区卫生服务中心	淮安市淮安区翔宇大道北路	0517-85912111	周一至周五 8:30-11:30，14:00-17:00	仅工作日开放
251	盱眙县	淮安市第一人民医院	淮安市淮阴区北京东路附近	0517-84911234	全天 24小时	需提前预约
252	盱眙县	淮安区人民医院	涟水县安东路附近	0517-82342233	周一至周日 8:00-17:00	—
253	盱眙县	淮阴区中医院	盱眙县淮河东路附近	0517-88211212	周一至周日 8:00-11:30，14:00-17:30	周末及节假日照常
254	盱眙县	涟水县人民医院	金湖县建设路附近	0517-86912233	周一至周五 8:30-11:30，14:00-17:00	仅工作日开放
255	盱眙县	盱眙县中医院	洪泽区东风路附近	0517-87221122	全天 24小时	需提前预约
256	盱眙县	金湖县人民医院	淮安市经济开发区枚乘路附近	0517-83591122	周一至周日 8:00-17:00	—
257	盱眙县	洪泽区人民医院	淮安市清江浦区淮海西路1号	0517-83871111	周一至周日 8:00-11:30，14:00-17:30	周末及节假日照常
258	盱眙县	淮安市妇幼保健院	淮安市淮安区翔宇大道北路	0517-85912111	周一至周五 8:30-11:30，14:00-17:00	仅工作日开放
259	盱眙县	清江浦区社区卫生服务中心	淮安市淮阴区北京东路附近	0517-84911234	全天 24小时	需提前预约
260	盱眙县	经济开发区社区卫生服务中心	涟水县安东路附近	0517-82342233	周一至周日 8:00-17:00	—
261	盱眙县	淮安市第一人民医院	盱眙县淮河东路附近	0517-88211212	周一至周日 8:00-11:30，14:00-17:30	周末及节假日照常
262	盱眙县	淮安区人民医院	金湖县建设路附近	0517-86912233	周一至周五 8:30-11:30，14:00-17:00	仅工作日开放
263	盱眙县	淮阴区中医院	洪泽区东风路附近	0517-87221122	全天 24小时	需提前预约
264	盱眙县	涟水县人民医院	淮安市经济开发区枚乘路附近	0517-83591122	周一至周日 8:00-17:00	—
265	盱眙县	盱眙县中医院	淮安市清江浦区淮海西路1号	0517-83871111	周一至周日 8:00-11:30，14:00-17:30	周末及节假日照常
266	盱眙县	金湖县人民医院	淮安市淮安区翔宇大道北路	0517-85912111	周一至周五 8:30-11:30，14:00-17:00	仅工作日开放
267	盱眙县	洪泽区人民医院	淮安市淮阴区北京东路附近	0517-84911234	全天 24小时	需提前预约
268	盱眙县	淮安市妇幼保健院	涟水县安东路附近	0517-82342233	周一至周日 8:00-17:00	—
269	盱眙县	清江浦区社区卫生服务中心	盱眙县淮河东路附近	0517-88211212	周一至周日 8:00-11:30，14:00-17:30	周末及节假日照常
270	盱眙县	经济开发区社区卫生服务中心	金湖县建设路附近	0517-86912233	周一至周五 8:30-11:30，14:00-17:00	仅工作日开放
271	金湖县	淮安市第一人民医院	洪泽区东风路附近	0517-87221122	全天 24小时	需提前预约
272	金湖县	淮安区人民医院	淮安市经济开发区枚乘路附近	0517-83591122	周一至周日 8:00-17:00	—
273	金湖县	淮阴区中医院	淮安市清江浦区淮海西路1号	0517-83871111	周一至周日 8:00-11:30，14:00-17:30	周末及节假日照常
274	金湖县	涟水县人民医院	淮安市淮安区翔宇大道北路	0517-85912111	周一至周五 8:30-11:30，14:00-17:00	仅工作日开放
275	金湖县	盱眙县中医院	淮安市淮阴区北京东路附近	0517-84911234	全天 24小时	需提前预约
276	金湖县	金湖县人民医院	涟水县安东路附近	0517-82342233	周一至周日 8:00-17:00	—
277	金湖县	洪泽区人民医院	盱眙县淮河东路附近	0517-88211212	周一至周日 8:00-11:30，14:00-17:30	周末及节假日照常
278	金湖县	淮安市妇幼保健院	金湖县建设路附近	0517-86912233	周一至周五 8:30-11:30，14:00-17:00	仅工作日开放
279	金湖县	清江浦区社区卫生服务中心	洪泽区东风路附近	0517-87221122	全天 24小时	需提前预约
280	金湖县	经济开发区社区卫生服务中心	淮安市经济开发区枚乘路附近	0517-83591122	周一至周日 8:00-17:00	—
281	金湖县	淮安市第一人民医院	淮安市清江浦区淮海西路1号	0517-83871111	周一至周日 8:00-11:30，14:00-17:30	周末及节假日照常
282	金湖县	淮安区人民医院	淮安市淮安区翔宇大道北路	0517-85912111	周一至周五 8:30-11:30，14:00-17:00	仅工作日开放
283	金湖县	淮阴区中医院	淮安市淮阴区北京东路附近	0517-84911234	全天 24小时	需提前预约
284	金湖县	涟水县人民医院	涟水县安东路附近	0517-82342233	周一至周日 8:00-17:00	—
285	金湖县	盱眙县中医院	盱眙县淮河东路附近	0517-88211212	周一至周日 8:00-11:30，14:00-17:30	周末及节假日照常
286	金湖县	金湖县人民医院	金湖县建设路附近	0517-86912233	周一至周五 8:30-11:30，14:00-17:00	仅工作日开放
287	金湖县	洪泽区人民医院	洪泽区东风路附近	0517-87221122	全天 24小时	需提前预约
288	金湖县	淮安市妇幼保健院	淮安市经济开发区枚乘路附近	0517-83591122	周一至周日 8:00-17:00	—
289	金湖县	清江浦区社区卫生服务中心	淮安市清江浦区淮海西路1号	0517-83871111	周一至周日 8:00-11:30，14:00-17:30	周末及节假日照常
290	金湖县	经济开发区社区卫生服务中心	淮安市淮安区翔宇大道北路	0517-85912111	周一至周五 8:30-11:30，14:00-17:00	仅工作日开放
291	金湖县	淮安市第一人民医院	淮安市淮阴区北京东路附近	0517-84911234	全天 24小时	需提前预约
292	金湖县	淮安区人民医院	涟水县安东路附近	0517-82342233	周一至周日 8:00-17:00	—
293	金湖县	淮阴区中医院	盱眙县淮河东路附近	0517-88211212	周一至周日 8:00-11:30，14:00-17:30	周末及节假日照常
294	金湖县	涟水县人民医院	金湖县建设路附近	0517-86912233	周一至周五 8:30-11:30，14:00-17:00	仅工作日开放
295	金湖县	盱眙县中医院	洪泽区东风路附近	0517-87221122	全天 24小时	需提前预约
296	金湖县	金湖县人民医院	淮安市经济开发区枚乘路附近	0517-83591122	周一至周日 8:00-17:00	—
297	金湖县	洪泽区人民医院	淮安市清江浦区淮海西路1号	0517-83871111	周一至周日 8:00-11:30，14:00-17:30	周末及节假日照常
298	金湖县	淮安市妇幼保健院	淮安市淮安区翔宇大道北路	0517-85912111	周一至周五 8:30-11:30，14:00-17:00	仅工作日开放
299	金湖县	清江浦区社区卫生服务中心	淮安市淮阴区北京东路附近	0517-84911234	全天 24小时	需提前预约
300	金湖县	经济开发区社区卫生服务中心	涟水县安东路附近	0517-82342233	周一至周日 8:00-17:00	—
301	金湖县	淮安市第一人民医院	盱眙县淮河东路附近	0517-88211212	周一至周日 8:00-11:30，14:00-17:30	周末及节假日照常
302	金湖县	淮安区人民医院	金湖县建设路附近	0517-86912233	周一至周五 8:30-11:30，14:00-17:00	仅工作日开放
303	金湖县	淮阴区中医院	洪泽区东风路附近	0517-87221122	全天 24小时	需提前预约
304	金湖县	涟水县人民医院	淮安市经济开发区枚乘路附近	0517-83591122	周一至周日 8:00-17:00	—
305	金湖县	盱眙县中医院	淮安市清江浦区淮海西路1号	0517-83871111	周一至周日 8:00-11:30，14:00-17:30	周末及节假日照常
306	金湖县	金湖县人民医院	淮安市淮安区翔宇大道北路	0517-85912111	周一至周五 8:30-11:30，14:00-17:00	仅工作日开放
307	金湖县	洪泽区人民医院	淮安市淮阴区北京东路附近	0517-84911234	全天 24小时	需提前预约
308	金湖县	淮安市妇幼保健院	涟水县安东路附近	0517-82342233	周一至周日 8:00-17:00	—
309	金湖县	清江浦区社区卫生服务中心	盱眙县淮河东路附近	0517-88211212	周一至周日 8:00-11:30，14:00-17:30	周末及节假日照常
310	金湖县	经济开发区社区卫生服务中心	金湖县建设路附近	0517-86912233	周一至周五 8:30-11:30，14:00-17:00	仅工作日开放
311	金湖县	淮安市第一人民医院	洪泽区东风路附近	0517-87221122	全天 24小时	需提前预约
312	金湖县	淮安区人民医院	淮安市经济开发区枚乘路附近	0517-83591122	周一至周日 8:00-17:00	—
313	金湖县	淮阴区中医院	淮安市清江浦区淮海西路1号	0517-83871111	周一至周日 8:00-11:30，14:00-17:30	周末及节假日照常
314	金湖县	涟水县人民医院	淮安市淮安区翔宇大道北路	0517-85912111	周一至周五 8:30-11:30，14:00-17:00	仅工作日开放
315	金湖县	盱眙县中医院	淮安市淮阴区北京东路附近	0517-84911234	全天 24小时	需提前预约
316	经济开发区	金湖县人民医院	涟水县安东路附近	0517-82342233	周一至周日 8:00-17:00	—
317	经济开发区	洪泽区人民医院	盱眙县淮河东路附近	0517-88211212	周一至周日 8:00-11:30，14:00-17:30	周末及节假日照常
318	经济开发区	淮安市妇幼保健院	金湖县建设路附近	0517-86912233	周一至周五 8:30-11:30，14:00-17:00	仅工作日开放
319	经济开发区	清江浦区社区卫生服务中心	洪泽区东风路附近	0517-87221122	全天 24小时	需提前预约
320	经济开发区	经济开发区社区卫生服务中心	淮安市经济开发区枚乘路附近	0517-83591122	周一至周日 8:00-17:00	—
321	经济开发区	淮安市第一人民医院	淮安市清江浦区淮海西路1号	0517-83871111	周一至周日 8:00-11:30，14:00-17:30	周末及节假日照常
322	经济开发区	淮安区人民医院	淮安市淮安区翔宇大道北路	0517-85912111	周一至周五 8:30-11:30，14:00-17:00	仅工作日开放
323	经济开发区	淮阴区中医院	淮安市淮阴区北京东路附近	0517-84911234	全天 24小时	需提前预约
324	经济开发区	涟水县人民医院	涟水县安东路附近	0517-82342233	周一至周日 8:00-17:00	—
325	经济开发区	盱眙县中医院	盱眙县淮河东路附近	0517-88211212	周一至周日 8:00-11:30，14:00-17:30	周末及节假日照常
326	经济开发区	金湖县人民医院	金湖县建设路附近	0517-86912233	周一至周五 8:30-11:30，14:00-17:00	仅工作日开放
327	经济开发区	洪泽区人民医院	洪泽区东风路附近	0517-87221122	全天 24小时	需提前预约
328	经济开发区	淮安市妇幼保健院	淮安市经济开发区枚乘路附近	0517-83591122	周一至周日 8:00-17:00	—
329	经济开发区	清江浦区社区卫生服务中心	淮安市清江浦区淮海西路1号	0517-83871111	周一至周日 8:00-11:30，14:00-17:30	周末及节假日照常
330	经济开发区	经济开发区社区卫生服务中心	淮安市淮安区翔宇大道北路	0517-85912111	周一至周五 8:30-11:30，14:00-17:00	仅工作日开放
331	经济开发区	淮安市第一人民医院	淮安市淮阴区北京东路附近	0517-84911234	全天 24小时	需提前预约
332	经济开发区	淮安区人民医院	涟水县安东路附近	0517-82342233	周一至周日 8:00-17:00	—
333	经济开发区	淮阴区中医院	盱眙县淮河东路附近	0517-88211212	周一至周日 8:00-11:30，14:00-17:30	周末及节假日照常
334	经济开发区	涟水县人民医院	金湖县建设路附近	0517-86912233	周一至周五 8:30-11:30，14:00-17:00	仅工作日开放
335	经济开发区	盱眙县中医院	洪泽区东风路附近	0517-87221122	全天 24小时	需提前预约
336	经济开发区	金湖县人民医院	淮安市经济开发区枚乘路附近	0517-83591122	周一至周日 8:00-17:00	—
337	经济开发区	洪泽区人民医院	淮安市清江浦区淮海西路1号	0517-83871111	周一至周日 8:00-11:30，14:00-17:30	周末及节假日照常
338	经济开发区	淮安市妇幼保健院	淮安市淮安区翔宇大道北路	0517-85912111	周一至周五 8:30-11:30，14:00-17:00	仅工作日开放
339	经济开发区	清江浦区社区卫生服务中心	淮安市淮阴区北京东路附近	0517-84911234	全天 24小时	需提前预约
340	经济开发区	经济开发区社区卫生服务中心	涟水县安东路附近	0517-82342233	周一至周日 8:00-17:00	—
341	经济开发区	淮安市第一人民医院	盱眙县淮河东路附近	0517-88211212	周一至周日 8:00-11:30，14:00-17:30	周末及节假日照常
342	经济开发区	淮安区人民医院	金湖县建设路附近	0517-86912233	周一至周五 8:30-11:30，14:00-17:00	仅工作日开放
343	经济开发区	淮阴区中医院	洪泽区东风路附近	0517-87221122	全天 24小时	需提前预约
344	经济开发区	涟水县人民医院	淮安市经济开发区枚乘路附近	0517-83591122	周一至周日 8:00-17:00	—
345	经济开发区	盱眙县中医院	淮安市清江浦区淮海西路1号	0517-83871111	周一至周日 8:00-11:30，14:00-17:30	周末及节假日照常
346	经济开发区	金湖县人民医院	淮安市淮安区翔宇大道北路	0517-85912111	周一至周五 8:30-11:30，14:00-17:00	仅工作日开放
347	经济开发区	洪泽区人民医院	淮安市淮阴区北京东路附近	0517-84911234	全天 24小时	需提前预约
348	经济开发区	淮安市妇幼保健院	涟水县安东路附近	0517-82342233	周一至周日 8:00-17:00	—
349	经济开发区	清江浦区社区卫生服务中心	盱眙县淮河东路附近	0517-88211212	周一至周日 8:00-11:30，14:00-17:30	周末及节假日照常
350	经济开发区	经济开发区社区卫生服务中心	金湖县建设路附近	0517-86912233	周一至周五 8:30-11:30，14:00-17:00	仅工作日开放
351	经济开发区	淮安市第一人民医院	洪泽区东风路附近	0517-87221122	全天 24小时	需提前预约
352	经济开发区	淮安区人民医院	淮安市经济开发区枚乘路附近	0517-83591122	周一至周日 8:00-17:00	—
353	经济开发区	淮阴区中医院	淮安市清江浦区淮海西路1号	0517-83871111	周一至周日 8:00-11:30，14:00-17:30	周末及节假日照常
354	经济开发区	涟水县人民医院	淮安市淮安区翔宇大道北路	0517-85912111	周一至周五 8:30-11:30，14:00-17:00	仅工作日开放
355	经济开发区	盱眙县中医院	淮安市淮阴区北京东路附近	0517-84911234	全天 24小时	需提前预约
356	经济开发区	金湖县人民医院	涟水县安东路附近	0517-82342233	周一至周日 8:00-17:00	—
357	经济开发区	洪泽区人民医院	盱眙县淮河东路附近	0517-88211212	周一至周日 8:00-11:30，14:00-17:30	周末及节假日照常
358	经济开发区	淮安市妇幼保健院	金湖县建设路附近	0517-86912233	周一至周五 8:30-11:30，14:00-17:00	仅工作日开放
359	经济开发区	清江浦区社区卫生服务中心	洪泽区东风路附近	0517-87221122	全天 24小时	需提前预约
360	经济开发区	经济开发区社区卫生服务中心	淮安市经济开发区枚乘路附近	0517-83591122	周一至周日 8:00-17:00	—
361	工业园区	淮安市第一人民医院	淮安市清江浦区淮海西路1号	0517-83871111	周一至周日 8:00-11:30，14:00-17:30	周末及节假日照常
362	工业园区	淮安区人民医院	淮安市淮安区翔宇大道北路	0517-85912111	周一至周五 8:30-11:30，14:00-17:00	仅工作日开放
363	工业园区	淮阴区中医院	淮安市淮阴区北京东路附近	0517-84911234	全天 24小时	需提前预约
364	工业园区	涟水县人民医院	涟水县安东路附近	0517-82342233	周一至周日 8:00-17:00	—
365	工业园区	盱眙县中医院	盱眙县淮河东路附近	0517-88211212	周一至周日 8:00-11:30，14:00-17:30	周末及节假日照常
366	工业园区	金湖县人民医院	金湖县建设路附近	0517-86912233	周一至周五 8:30-11:30，14:00-17:00	仅工作日开放
367	工业园区	洪泽区人民医院	洪泽区东风路附近	0517-87221122	全天 24小时	需提前预约
368	工业园区	淮安市妇幼保健院	淮安市经济开发区枚乘路附近	0517-83591122	周一至周日 8:00-17:00	—
369	工业园区	清江浦区社区卫生服务中心	淮安市清江浦区淮海西路1号	0517-83871111	周一至周日 8:00-11:30，14:00-17:30	周末及节假日照常
370	工业园区	经济开发区社区卫生服务中心	淮安市淮安区翔宇大道北路	0517-85912111	周一至周五 8:30-11:30，14:00-17:00	仅工作日开放
371	工业园区	淮安市第一人民医院	淮安市淮阴区北京东路附近	0517-84911234	全天 24小时	需提前预约
372	工业园区	淮安区人民医院	涟水县安东路附近	0517-82342233	周一至周日 8:00-17:00	—
373	工业园区	淮阴区中医院	盱眙县淮河东路附近	0517-88211212	周一至周日 8:00-11:30，14:00-17:30	周末及节假日照常
374	工业园区	涟水县人民医院	金湖县建设路附近	0517-86912233	周一至周五 8:30-11:30，14:00-17:00	仅工作日开放
375	工业园区	盱眙县中医院	洪泽区东风路附近	0517-87221122	全天 24小时	需提前预约
376	工业园区	金湖县人民医院	淮安市经济开发区枚乘路附近	0517-83591122	周一至周日 8:00-17:00	—
377	工业园区	洪泽区人民医院	淮安市清江浦区淮海西路1号	0517-83871111	周一至周日 8:00-11:30，14:00-17:30	周末及节假日照常
378	工业园区	淮安市妇幼保健院	淮安市淮安区翔宇大道北路	0517-85912111	周一至周五 8:30-11:30，14:00-17:00	仅工作日开放
379	工业园区	清江浦区社区卫生服务中心	淮安市淮阴区北京东路附近	0517-84911234	全天 24小时	需提前预约
380	工业园区	经济开发区社区卫生服务中心	涟水县安东路附近	0517-82342233	周一至周日 8:00-17:00	—
381	工业园区	淮安市第一人民医院	盱眙县淮河东路附近	0517-88211212	周一至周日 8:00-11:30，14:00-17:30	周末及节假日照常
382	工业园区	淮安区人民医院	金湖县建设路附近	0517-86912233	周一至周五 8:30-11:30，14:00-17:00	仅工作日开放
383	工业园区	淮阴区中医院	洪泽区东风路附近	0517-87221122	全天 24小时	需提前预约
384	工业园区	涟水县人民医院	淮安市经济开发区枚乘路附近	0517-83591122	周一至周日 8:00-17:00	—
385	工业园区	盱眙县中医院	淮安市清江浦区淮海西路1号	0517-83871111	周一至周日 8:00-11:30，14:00-17:30	周末及节假日照常
386	工业园区	金湖县人民医院	淮安市淮安区翔宇大道北路	0517-85912111	周一至周五 8:30-11:30，14:00-17:00	仅工作日开放
387	工业园区	洪泽区人民医院	淮安市淮阴区北京东路附近	0517-84911234	全天 24小时	需提前预约
388	工业园区	淮安市妇幼保健院	涟水县安东路附近	0517-82342233	周一至周日 8:00-17:00	—
389	工业园区	清江浦区社区卫生服务中心	盱眙县淮河东路附近	0517-88211212	周一至周日 8:00-11:30，14:00-17:30	周末及节假日照常
390	工业园区	经济开发区社区卫生服务中心	金湖县建设路附近	0517-86912233	周一至周五 8:30-11:30，14:00-17:00	仅工作日开放
391	工业园区	淮安市第一人民医院	洪泽区东风路附近	0517-87221122	全天 24小时	需提前预约
392	工业园区	淮安区人民医院	淮安市经济开发区枚乘路附近	0517-83591122	周一至周日 8:00-17:00	—
393	工业园区	淮阴区中医院	淮安市清江浦区淮海西路1号	0517-83871111	周一至周日 8:00-11:30，14:00-17:30	周末及节假日照常
394	工业园区	涟水县人民医院	淮安市淮安区翔宇大道北路	0517-85912111	周一至周五 8:30-11:30，14:00-17:00	仅工作日开放
395	工业园区	盱眙县中医院	淮安市淮阴区北京东路附近	0517-84911234	全天 24小时	需提前预约
396	工业园区	金湖县人民医院	涟水县安东路附近	0517-82342233	周一至周日 8:00-17:00	—
397	工业园区	洪泽区人民医院	盱眙县淮河东路附近	0517-88211212	周一至周日 8:00-11:30，14:00-17:30	周末及节假日照常
398	工业园区	淮安市妇幼保健院	金湖县建设路附近	0517-86912233	周一至周五 8:30-11:30，14:00-17:00	仅工作日开放
399	工业园区	清江浦区社区卫生服务中心	洪泽区东风路附近	0517-87221122	全天 24小时	需提前预约
400	工业园区	经济开发区社区卫生服务中心	淮安市经济开发区枚乘路附近	0517-83591122	周一至周日 8:00-17:00	—
401	工业园区	淮安市第一人民医院	淮安市清江浦区淮海西路1号	0517-83871111	周一至周日 8:00-11:30，14:00-17:30	周末及节假日照常
402	工业园区	淮安区人民医院	淮安市淮安区翔宇大道北路	0517-85912111	周一至周五 8:30-11:30，14:00-17:00	仅工作日开放
403	工业园区	淮阴区中医院	淮安市淮阴区北京东路附近	0517-84911234	全天 24小时	需提前预约
404	工业园区	涟水县人民医院	涟水县安东路附近	0517-82342233	周一至周日 8:00-17:00	—
405	工业园区	盱眙县中医院	盱眙县淮河东路附近	0517-88211212	周一至周日 8:00-11:30，14:00-17:30	周末及节假日照常
406	生态文旅区	金湖县人民医院	金湖县建设路附近	0517-86912233	周一至周五 8:30-11:30，14:00-17:00	仅工作日开放
407	生态文旅区	洪泽区人民医院	洪泽区东风路附近	0517-87221122	全天 24小时	需提前预约
408	生态文旅区	淮安市妇幼保健院	淮安市经济开发区枚乘路附近	0517-83591122	周一至周日 8:00-17:00	—
409	生态文旅区	清江浦区社区卫生服务中心	淮安市清江浦区淮海西路1号	0517-83871111	周一至周日 8:00-11:30，14:00-17:30	周末及节假日照常
410	生态文旅区	经济开发区社区卫生服务中心	淮安市淮安区翔宇大道北路	0517-85912111	周一至周五 8:30-11:30，14:00-17:00	仅工作日开放
411	生态文旅区	淮安市第一人民医院	淮安市淮阴区北京东路附近	0517-84911234	全天 24小时	需提前预约
412	生态文旅区	淮安区人民医院	涟水县安东路附近	0517-82342233	周一至周日 8:00-17:00	—
413	生态文旅区	淮阴区中医院	盱眙县淮河东路附近	0517-88211212	周一至周日 8:00-11:30，14:00-17:30	周末及节假日照常
414	生态文旅区	涟水县人民医院	金湖县建设路附近	0517-86912233	周一至周五 8:30-11:30，14:00-17:00	仅工作日开放
415	生态文旅区	盱眙县中医院	洪泽区东风路附近	0517-87221122	全天 24小时	需提前预约
416	生态文旅区	金湖县人民医院	淮安市经济开发区枚乘路附近	0517-83591122	周一至周日 8:00-17:00	—
417	生态文旅区	洪泽区人民医院	淮安市清江浦区淮海西路1号	0517-83871111	周一至周日 8:00-11:30，14:00-17:30	周末及节假日照常
418	生态文旅区	淮安市妇幼保健院	淮安市淮安区翔宇大道北路	0517-85912111	周一至周五 8:30-11:30，14:00-17:00	仅工作日开放
419	生态文旅区	清江浦区社区卫生服务中心	淮安市淮阴区北京东路附近	0517-84911234	全天 24小时	需提前预约
420	生态文旅区	经济开发区社区卫生服务中心	涟水县安东路附近	0517-82342233	周一至周日 8:00-17:00	—
421	生态文旅区	淮安市第一人民医院	盱眙县淮河东路附近	0517-88211212	周一至周日 8:00-11:30，14:00-17:30	周末及节假日照常
422	生态文旅区	淮安区人民医院	金湖县建设路附近	0517-86912233	周一至周五 8:30-11:30，14:00-17:00	仅工作日开放
423	生态文旅区	淮阴区中医院	洪泽区东风路附近	0517-87221122	全天 24小时	需提前预约
424	生态文旅区	涟水县人民医院	淮安市经济开发区枚乘路附近	0517-83591122	周一至周日 8:00-17:00	—
425	生态文旅区	盱眙县中医院	淮安市清江浦区淮海西路1号	0517-83871111	周一至周日 8:00-11:30，14:00-17:30	周末及节假日照常
426	生态文旅区	金湖县人民医院	淮安市淮安区翔宇大道北路	0517-85912111	周一至周五 8:30-11:30，14:00-17:00	仅工作日开放
427	生态文旅区	洪泽区人民医院	淮安市淮阴区北京东路附近	0517-84911234	全天 24小时	需提前预约
428	生态文旅区	淮安市妇幼保健院	涟水县安东路附近	0517-82342233	周一至周日 8:00-17:00	—
429	生态文旅区	清江浦区社区卫生服务中心	盱眙县淮河东路附近	0517-88211212	周一至周日 8:00-11:30，14:00-17:30	周末及节假日照常
430	生态文旅区	经济开发区社区卫生服务中心	金湖县建设路附近	0517-86912233	周一至周五 8:30-11:30，14:00-17:00	仅工作日开放
431	生态文旅区	淮安市第一人民医院	洪泽区东风路附近	0517-87221122	全天 24小时	需提前预约
432	生态文旅区	淮安区人民医院	淮安市经济开发区枚乘路附近	0517-83591122	周一至周日 8:00-17:00	—
433	生态文旅区	淮阴区中医院	淮安市清江浦区淮海西路1号	0517-83871111	周一至周日 8:00-11:30，14:00-17:30	周末及节假日照常
434	生态文旅区	涟水县人民医院	淮安市淮安区翔宇大道北路	0517-85912111	周一至周五 8:30-11:30，14:00-17:00	仅工作日开放
435	生态文旅区	盱眙县中医院	淮安市淮阴区北京东路附近	0517-84911234	全天 24小时	需提前预约
436	生态文旅区	金湖县人民医院	涟水县安东路附近	0517-82342233	周一至周日 8:00-17:00	—
437	生态文旅区	洪泽区人民医院	盱眙县淮河东路附近	0517-88211212	周一至周日 8:00-11:30，14:00-17:30	周末及节假日照常
438	生态文旅区	淮安市妇幼保健院	金湖县建设路附近	0517-86912233	周一至周五 8:30-11:30，14:00-17:00	仅工作日开放
439	生态文旅区	清江浦区社区卫生服务中心	洪泽区东风路附近	0517-87221122	全天 24小时	需提前预约
440	生态文旅区	经济开发区社区卫生服务中心	淮安市经济开发区枚乘路附近	0517-83591122	周一至周日 8:00-17:00	—
441	生态文旅区	淮安市第一人民医院	淮安市清江浦区淮海西路1号	0517-83871111	周一至周日 8:00-11:30，14:00-17:30	周末及节假日照常
442	生态文旅区	淮安区人民医院	淮安市淮安区翔宇大道北路	0517-85912111	周一至周五 8:30-11:30，14:00-17:00	仅工作日开放
443	生态文旅区	淮阴区中医院	淮安市淮阴区北京东路附近	0517-84911234	全天 24小时	需提前预约
444	生态文旅区	涟水县人民医院	涟水县安东路附近	0517-82342233	周一至周日 8:00-17:00	—
445	生态文旅区	盱眙县中医院	盱眙县淮河东路附近	0517-88211212	周一至周日 8:00-11:30，14:00-17:30	周末及节假日照常
446	生态文旅区	金湖县人民医院	金湖县建设路附近	0517-86912233	周一至周五 8:30-11:30，14:00-17:00	仅工作日开放
